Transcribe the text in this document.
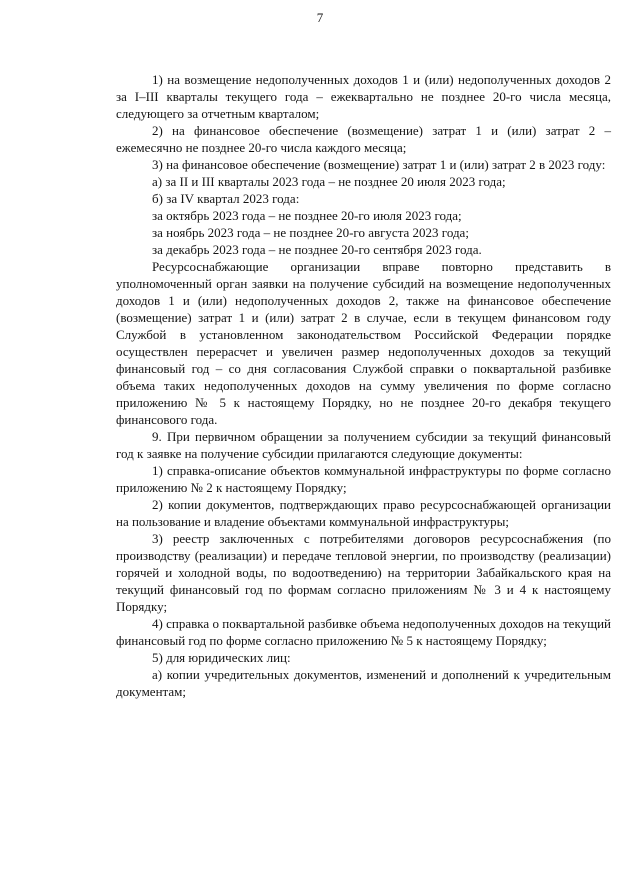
7

1) на возмещение недополученных доходов 1 и (или) недополученных доходов 2 за I–III кварталы текущего года – ежеквартально не позднее 20-го числа месяца, следующего за отчетным кварталом;

2) на финансовое обеспечение (возмещение) затрат 1 и (или) затрат 2 – ежемесячно не позднее 20-го числа каждого месяца;

3) на финансовое обеспечение (возмещение) затрат 1 и (или) затрат 2 в 2023 году:

а) за II и III кварталы 2023 года – не позднее 20 июля 2023 года;

б) за IV квартал 2023 года:

за октябрь 2023 года – не позднее 20-го июля 2023 года;

за ноябрь 2023 года – не позднее 20-го августа 2023 года;

за декабрь 2023 года – не позднее 20-го сентября 2023 года.

Ресурсоснабжающие организации вправе повторно представить в уполномоченный орган заявки на получение субсидий на возмещение недополученных доходов 1 и (или) недополученных доходов 2, также на финансовое обеспечение (возмещение) затрат 1 и (или) затрат 2 в случае, если в текущем финансовом году Службой в установленном законодательством Российской Федерации порядке осуществлен перерасчет и увеличен размер недополученных доходов за текущий финансовый год – со дня согласования Службой справки о поквартальной разбивке объема таких недополученных доходов на сумму увеличения по форме согласно приложению № 5 к настоящему Порядку, но не позднее 20-го декабря текущего финансового года.

9. При первичном обращении за получением субсидии за текущий финансовый год к заявке на получение субсидии прилагаются следующие документы:

1) справка-описание объектов коммунальной инфраструктуры по форме согласно приложению № 2 к настоящему Порядку;

2) копии документов, подтверждающих право ресурсоснабжающей организации на пользование и владение объектами коммунальной инфраструктуры;

3) реестр заключенных с потребителями договоров ресурсоснабжения (по производству (реализации) и передаче тепловой энергии, по производству (реализации) горячей и холодной воды, по водоотведению) на территории Забайкальского края на текущий финансовый год по формам согласно приложениям № 3 и 4 к настоящему Порядку;

4) справка о поквартальной разбивке объема недополученных доходов на текущий финансовый год по форме согласно приложению № 5 к настоящему Порядку;

5) для юридических лиц:

а) копии учредительных документов, изменений и дополнений к учредительным документам;
